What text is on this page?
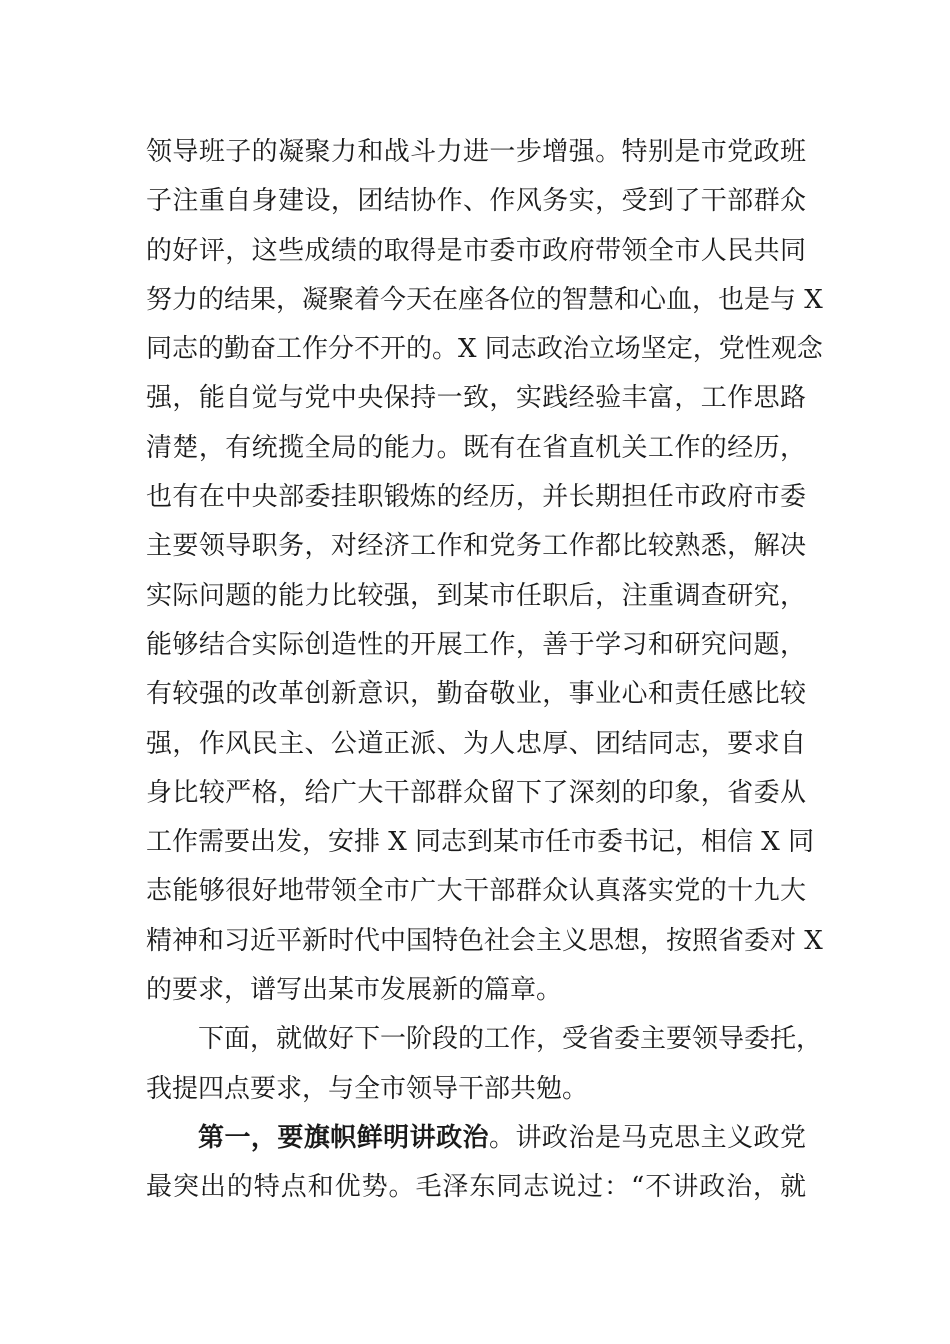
领导班子的凝聚力和战斗力进一步增强。特别是市党政班
子注重自身建设，团结协作、作风务实，受到了干部群众
的好评，这些成绩的取得是市委市政府带领全市人民共同
努力的结果，凝聚着今天在座各位的智慧和心血，也是与 X
同志的勤奋工作分不开的。X 同志政治立场坚定，党性观念
强，能自觉与党中央保持一致，实践经验丰富，工作思路
清楚，有统揽全局的能力。既有在省直机关工作的经历，
也有在中央部委挂职锻炼的经历，并长期担任市政府市委
主要领导职务，对经济工作和党务工作都比较熟悉，解决
实际问题的能力比较强，到某市任职后，注重调查研究，
能够结合实际创造性的开展工作，善于学习和研究问题，
有较强的改革创新意识，勤奋敬业，事业心和责任感比较
强，作风民主、公道正派、为人忠厚、团结同志，要求自
身比较严格，给广大干部群众留下了深刻的印象，省委从
工作需要出发，安排 X 同志到某市任市委书记，相信 X 同
志能够很好地带领全市广大干部群众认真落实党的十九大
精神和习近平新时代中国特色社会主义思想，按照省委对 X
的要求，谱写出某市发展新的篇章。
下面，就做好下一阶段的工作，受省委主要领导委托，
我提四点要求，与全市领导干部共勉。
第一，要旗帜鲜明讲政治。讲政治是马克思主义政党
最突出的特点和优势。毛泽东同志说过：“不讲政治，就
